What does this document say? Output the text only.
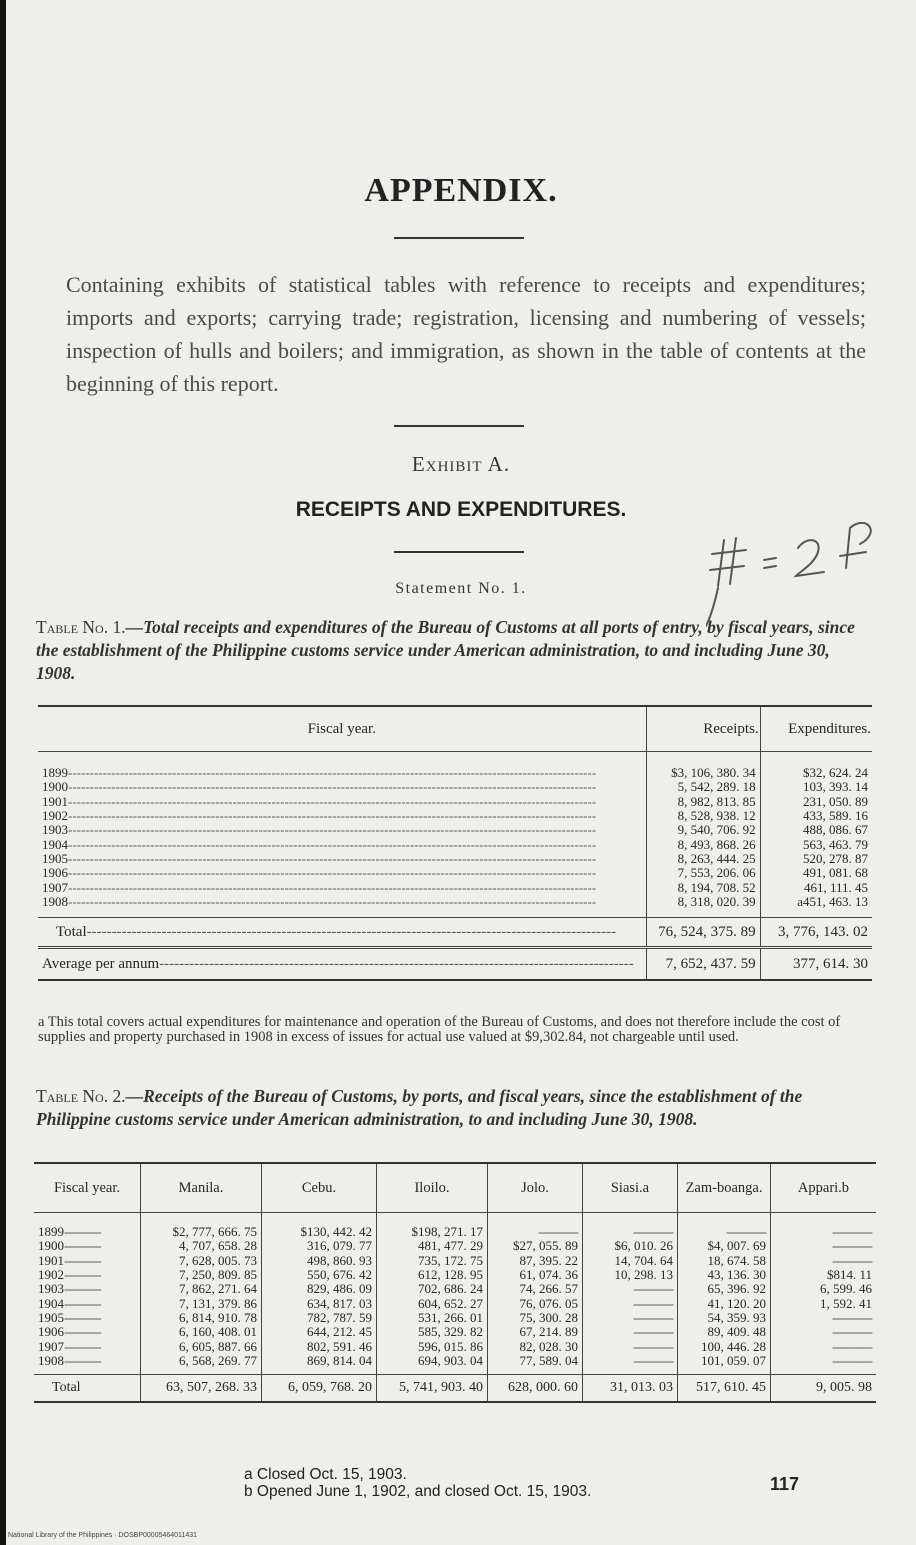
APPENDIX.
Containing exhibits of statistical tables with reference to receipts and expenditures; imports and exports; carrying trade; registration, licensing and numbering of vessels; inspection of hulls and boilers; and immigration, as shown in the table of contents at the beginning of this report.
Exhibit A.
RECEIPTS AND EXPENDITURES.
Statement No. 1.
Table No. 1.—Total receipts and expenditures of the Bureau of Customs at all ports of entry, by fiscal years, since the establishment of the Philippine customs service under American administration, to and including June 30, 1908.
Fiscal year.	Receipts.	Expenditures.
1899--------------------------------------------------------------------------------------------------------------------------	$3, 106, 380. 34	$32, 624. 24
1900--------------------------------------------------------------------------------------------------------------------------	5, 542, 289. 18	103, 393. 14
1901--------------------------------------------------------------------------------------------------------------------------	8, 982, 813. 85	231, 050. 89
1902--------------------------------------------------------------------------------------------------------------------------	8, 528, 938. 12	433, 589. 16
1903--------------------------------------------------------------------------------------------------------------------------	9, 540, 706. 92	488, 086. 67
1904--------------------------------------------------------------------------------------------------------------------------	8, 493, 868. 26	563, 463. 79
1905--------------------------------------------------------------------------------------------------------------------------	8, 263, 444. 25	520, 278. 87
1906--------------------------------------------------------------------------------------------------------------------------	7, 553, 206. 06	491, 081. 68
1907--------------------------------------------------------------------------------------------------------------------------	8, 194, 708. 52	461, 111. 45
1908--------------------------------------------------------------------------------------------------------------------------	8, 318, 020. 39	a451, 463. 13
Total----------------------------------------------------------------------------------------------------------	76, 524, 375. 89	3, 776, 143. 02
Average per annum-----------------------------------------------------------------------------------------------	7, 652, 437. 59	377, 614. 30
a This total covers actual expenditures for maintenance and operation of the Bureau of Customs, and does not therefore include the cost of supplies and property purchased in 1908 in excess of issues for actual use valued at $9,302.84, not chargeable until used.
Table No. 2.—Receipts of the Bureau of Customs, by ports, and fiscal years, since the establishment of the Philippine customs service under American administration, to and including June 30, 1908.
Fiscal year.	Manila.	Cebu.	Iloilo.	Jolo.	Siasi.a	Zam-boanga.	Appari.b
1899-----------	$2, 777, 666. 75	$130, 442. 42	$198, 271. 17	------------	------------	------------	------------
1900-----------	4, 707, 658. 28	316, 079. 77	481, 477. 29	$27, 055. 89	$6, 010. 26	$4, 007. 69	------------
1901-----------	7, 628, 005. 73	498, 860. 93	735, 172. 75	87, 395. 22	14, 704. 64	18, 674. 58	------------
1902-----------	7, 250, 809. 85	550, 676. 42	612, 128. 95	61, 074. 36	10, 298. 13	43, 136. 30	$814. 11
1903-----------	7, 862, 271. 64	829, 486. 09	702, 686. 24	74, 266. 57	------------	65, 396. 92	6, 599. 46
1904-----------	7, 131, 379. 86	634, 817. 03	604, 652. 27	76, 076. 05	------------	41, 120. 20	1, 592. 41
1905-----------	6, 814, 910. 78	782, 787. 59	531, 266. 01	75, 300. 28	------------	54, 359. 93	------------
1906-----------	6, 160, 408. 01	644, 212. 45	585, 329. 82	67, 214. 89	------------	89, 409. 48	------------
1907-----------	6, 605, 887. 66	802, 591. 46	596, 015. 86	82, 028. 30	------------	100, 446. 28	------------
1908-----------	6, 568, 269. 77	869, 814. 04	694, 903. 04	77, 589. 04	------------	101, 059. 07	------------
Total	63, 507, 268. 33	6, 059, 768. 20	5, 741, 903. 40	628, 000. 60	31, 013. 03	517, 610. 45	9, 005. 98
a Closed Oct. 15, 1903.
b Opened June 1, 1902, and closed Oct. 15, 1903.	117
National Library of the Philippines · DOSBP00005464011431
